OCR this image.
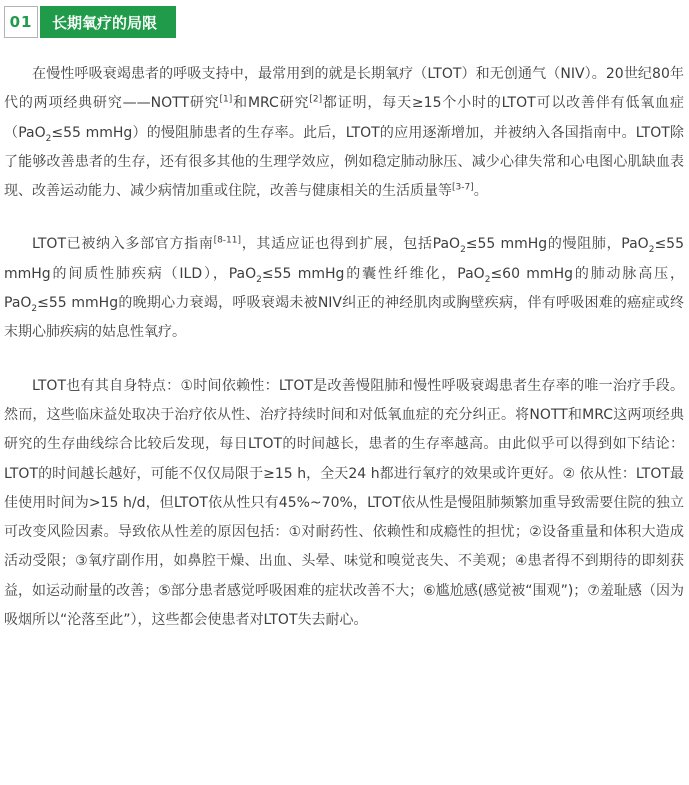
01	长期氧疗的局限

在慢性呼吸衰竭患者的呼吸支持中，最常用到的就是长期氧疗（LTOT）和无创通气（NIV）。20世纪80年代的两项经典研究——NOTT研究[1]和MRC研究[2]都证明，每天≥15个小时的LTOT可以改善伴有低氧血症（PaO$_2$≤55 mmHg）的慢阻肺患者的生存率。此后，LTOT的应用逐渐增加，并被纳入各国指南中。LTOT除了能够改善患者的生存，还有很多其他的生理学效应，例如稳定肺动脉压、减少心律失常和心电图心肌缺血表现、改善运动能力、减少病情加重或住院，改善与健康相关的生活质量等[3-7]。

LTOT已被纳入多部官方指南[8-11]，其适应证也得到扩展，包括PaO$_2$≤55 mmHg的慢阻肺，PaO$_2$≤55 mmHg的间质性肺疾病（ILD），PaO$_2$≤55 mmHg的囊性纤维化，PaO$_2$≤60 mmHg的肺动脉高压，PaO$_2$≤55 mmHg的晚期心力衰竭，呼吸衰竭未被NIV纠正的神经肌肉或胸壁疾病，伴有呼吸困难的癌症或终末期心肺疾病的姑息性氧疗。

LTOT也有其自身特点：①时间依赖性：LTOT是改善慢阻肺和慢性呼吸衰竭患者生存率的唯一治疗手段。然而，这些临床益处取决于治疗依从性、治疗持续时间和对低氧血症的充分纠正。将NOTT和MRC这两项经典研究的生存曲线综合比较后发现，每日LTOT的时间越长，患者的生存率越高。由此似乎可以得到如下结论：LTOT的时间越长越好，可能不仅仅局限于≥15 h，全天24 h都进行氧疗的效果或许更好。② 依从性：LTOT最佳使用时间为>15 h/d，但LTOT依从性只有45%~70%，LTOT依从性是慢阻肺频繁加重导致需要住院的独立可改变风险因素。导致依从性差的原因包括：①对耐药性、依赖性和成瘾性的担忧；②设备重量和体积大造成活动受限；③氧疗副作用，如鼻腔干燥、出血、头晕、味觉和嗅觉丧失、不美观；④患者得不到期待的即刻获益，如运动耐量的改善；⑤部分患者感觉呼吸困难的症状改善不大；⑥尴尬感(感觉被“围观”)；⑦羞耻感（因为吸烟所以“沦落至此”），这些都会使患者对LTOT失去耐心。
